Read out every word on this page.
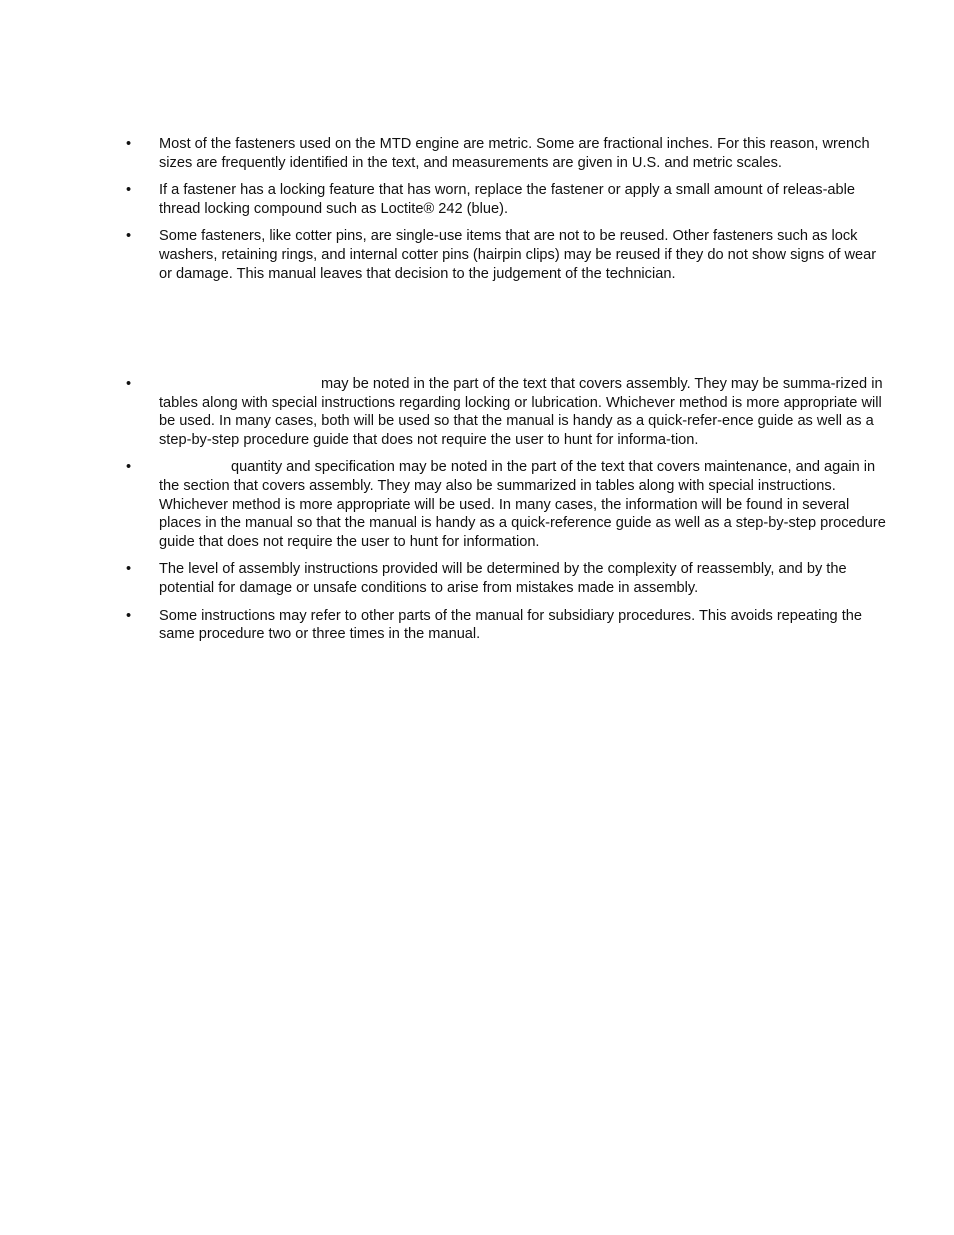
•	Most of the fasteners used on the MTD engine are metric. Some are fractional inches. For this reason, wrench sizes are frequently identified in the text, and measurements are given in U.S. and metric scales.
•	If a fastener has a locking feature that has worn, replace the fastener or apply a small amount of releas-able thread locking compound such as Loctite® 242 (blue).
•	Some fasteners, like cotter pins, are single-use items that are not to be reused. Other fasteners such as lock washers, retaining rings, and internal cotter pins (hairpin clips) may be reused if they do not show signs of wear or damage. This manual leaves that decision to the judgement of the technician.
•	may be noted in the part of the text that covers assembly. They may be summa-rized in tables along with special instructions regarding locking or lubrication. Whichever method is more appropriate will be used. In many cases, both will be used so that the manual is handy as a quick-refer-ence guide as well as a step-by-step procedure guide that does not require the user to hunt for informa-tion.
•	quantity and specification may be noted in the part of the text that covers maintenance, and again in the section that covers assembly. They may also be summarized in tables along with special instructions. Whichever method is more appropriate will be used. In many cases, the information will be found in several places in the manual so that the manual is handy as a quick-reference guide as well as a step-by-step procedure guide that does not require the user to hunt for information.
•	The level of assembly instructions provided will be determined by the complexity of reassembly, and by the potential for damage or unsafe conditions to arise from mistakes made in assembly.
•	Some instructions may refer to other parts of the manual for subsidiary procedures. This avoids repeating the same procedure two or three times in the manual.
